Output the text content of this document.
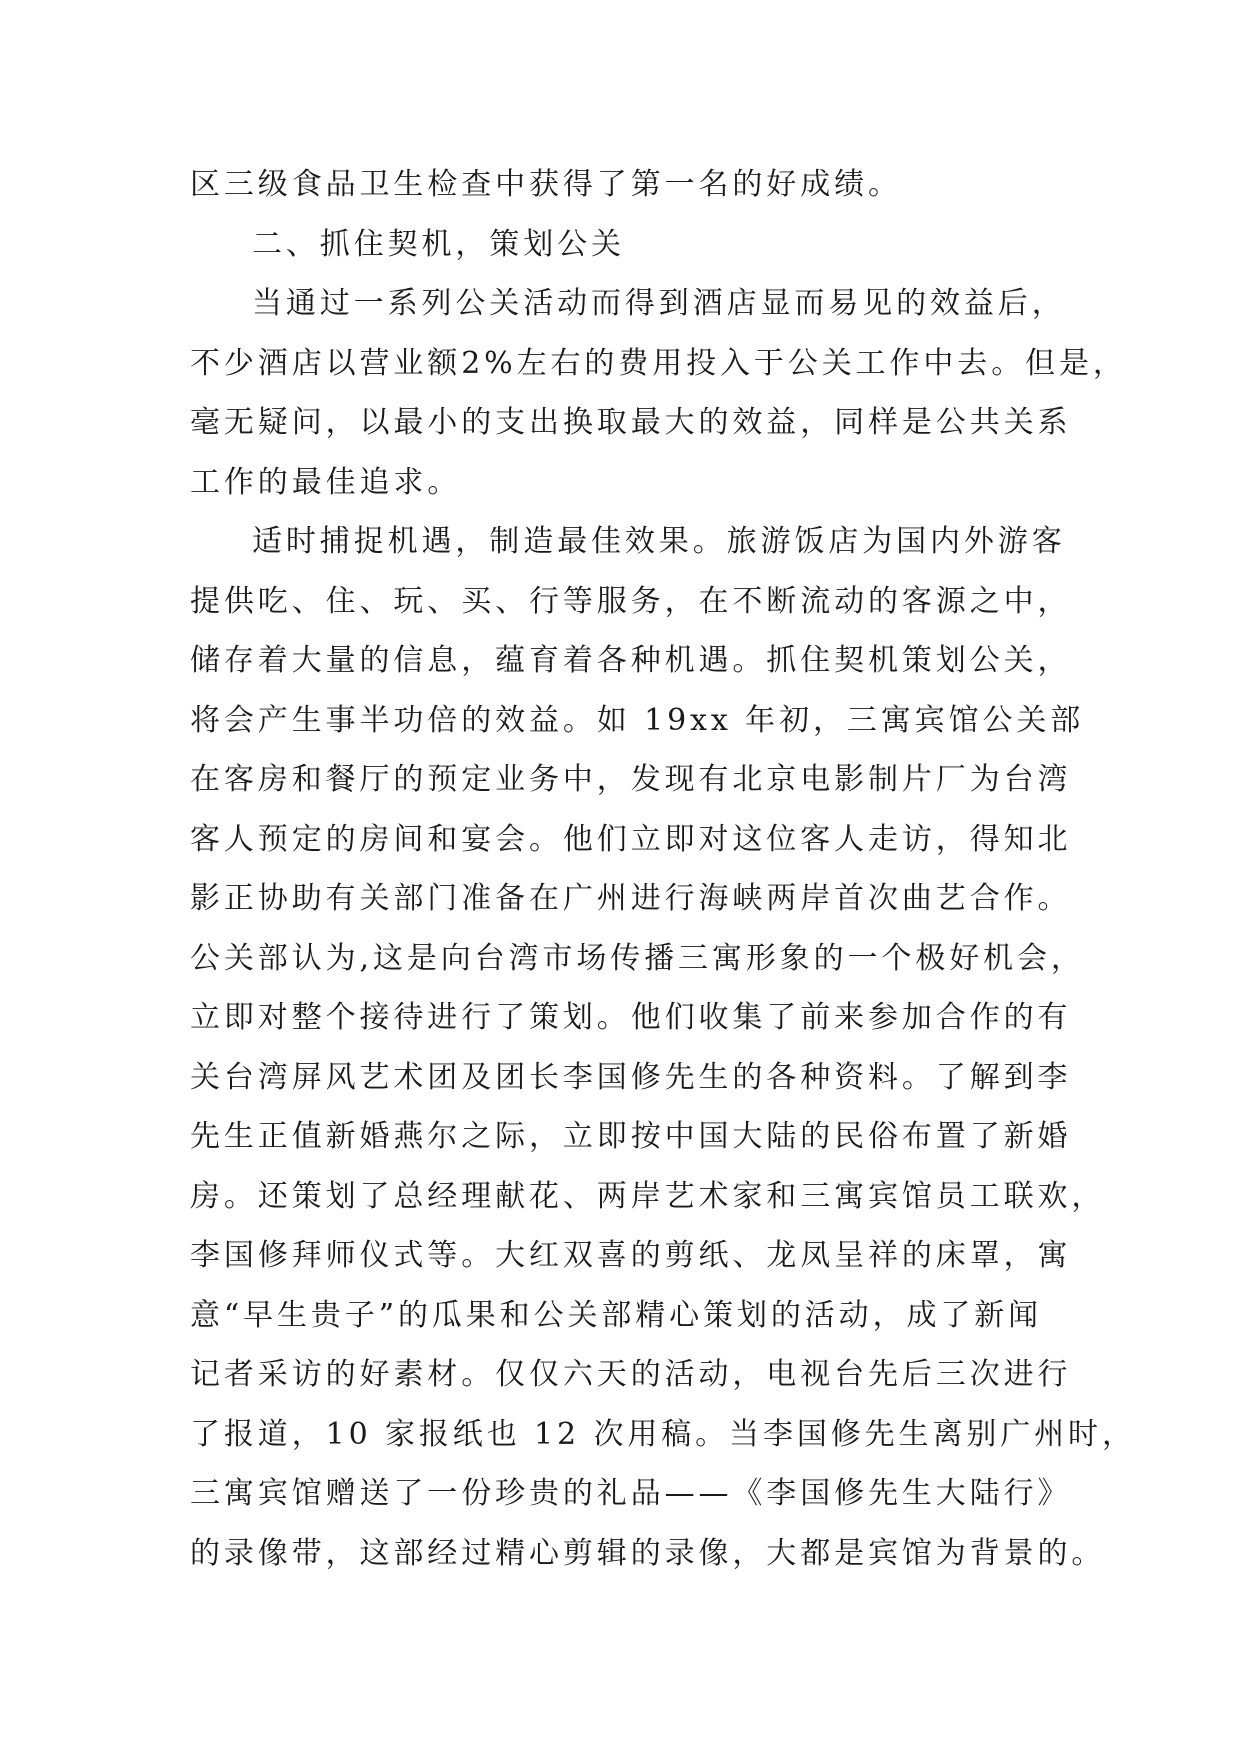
区三级食品卫生检查中获得了第一名的好成绩。
二、抓住契机，策划公关
当通过一系列公关活动而得到酒店显而易见的效益后，
不少酒店以营业额2%左右的费用投入于公关工作中去。但是，
毫无疑问，以最小的支出换取最大的效益，同样是公共关系
工作的最佳追求。
适时捕捉机遇，制造最佳效果。旅游饭店为国内外游客
提供吃、住、玩、买、行等服务，在不断流动的客源之中，
储存着大量的信息，蕴育着各种机遇。抓住契机策划公关，
将会产生事半功倍的效益。如 19xx 年初，三寓宾馆公关部
在客房和餐厅的预定业务中，发现有北京电影制片厂为台湾
客人预定的房间和宴会。他们立即对这位客人走访，得知北
影正协助有关部门准备在广州进行海峡两岸首次曲艺合作。
公关部认为,这是向台湾市场传播三寓形象的一个极好机会，
立即对整个接待进行了策划。他们收集了前来参加合作的有
关台湾屏风艺术团及团长李国修先生的各种资料。了解到李
先生正值新婚燕尔之际，立即按中国大陆的民俗布置了新婚
房。还策划了总经理献花、两岸艺术家和三寓宾馆员工联欢，
李国修拜师仪式等。大红双喜的剪纸、龙凤呈祥的床罩，寓
意“早生贵子”的瓜果和公关部精心策划的活动，成了新闻
记者采访的好素材。仅仅六天的活动，电视台先后三次进行
了报道，10 家报纸也 12 次用稿。当李国修先生离别广州时，
三寓宾馆赠送了一份珍贵的礼品——《李国修先生大陆行》
的录像带，这部经过精心剪辑的录像，大都是宾馆为背景的。
